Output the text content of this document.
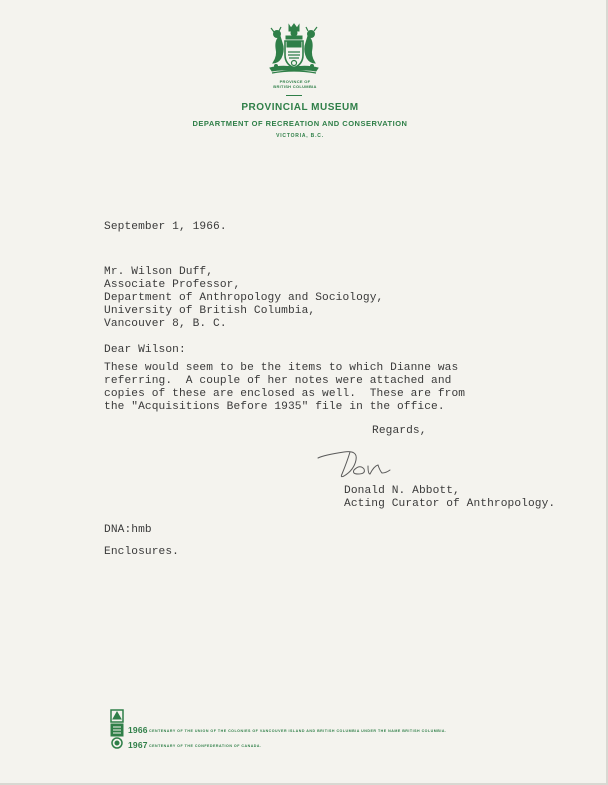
PROVINCE OF
BRITISH COLUMBIA
PROVINCIAL MUSEUM
DEPARTMENT OF RECREATION AND CONSERVATION
VICTORIA, B.C.
September 1, 1966.
Mr. Wilson Duff,
Associate Professor,
Department of Anthropology and Sociology,
University of British Columbia,
Vancouver 8, B. C.
Dear Wilson:
These would seem to be the items to which Dianne was
referring.  A couple of her notes were attached and
copies of these are enclosed as well.  These are from
the "Acquisitions Before 1935" file in the office.
Regards,
Donald N. Abbott,
Acting Curator of Anthropology.
DNA:hmb
Enclosures.
1966
1967
CENTENARY OF THE UNION OF THE COLONIES OF VANCOUVER ISLAND AND BRITISH COLUMBIA UNDER THE NAME BRITISH COLUMBIA.
CENTENARY OF THE CONFEDERATION OF CANADA.
